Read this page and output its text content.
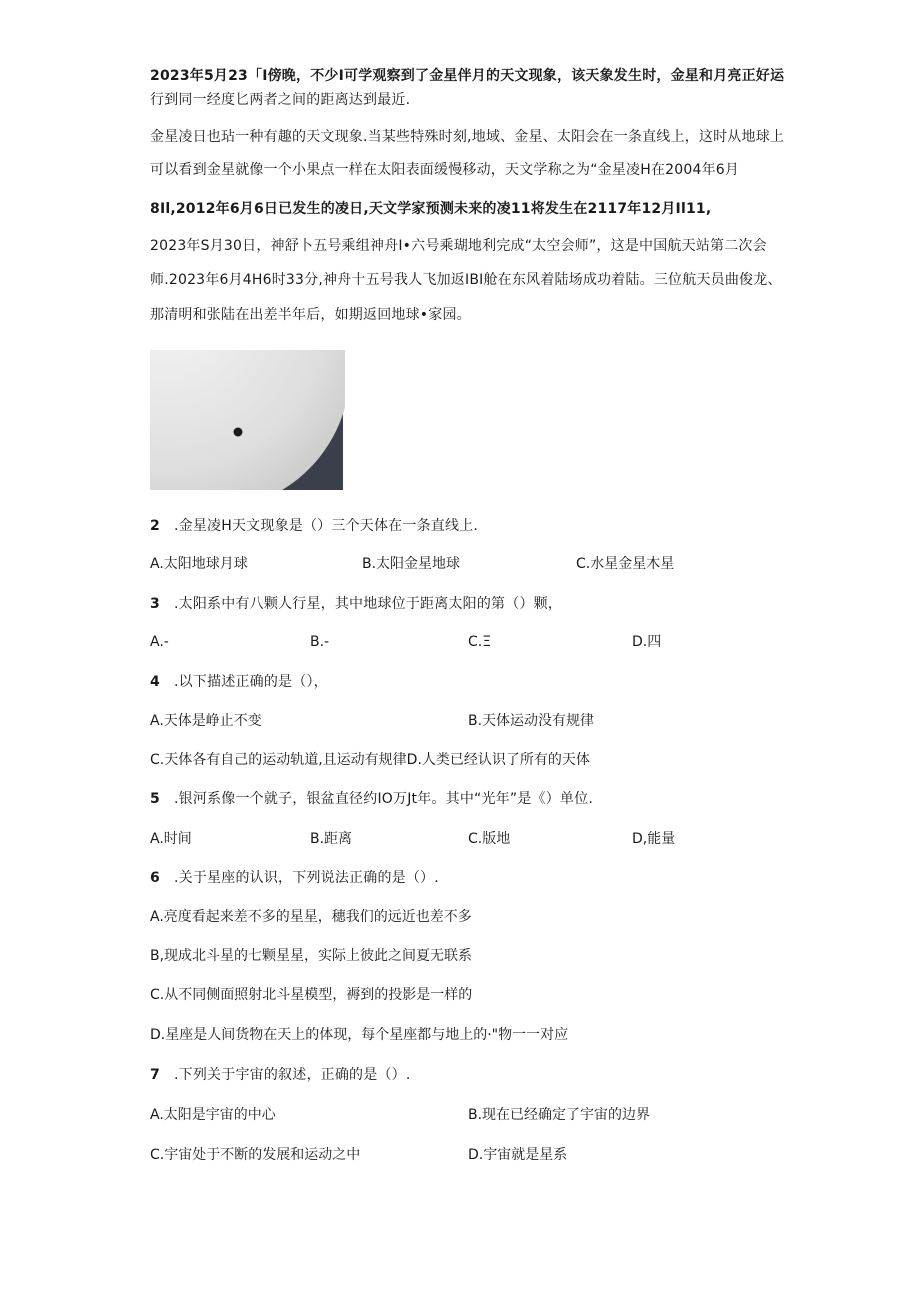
2023年5月23「I傍晚，不少I可学观察到了金星伴月的天文现象，该天象发生时，金星和月亮正好运
行到同一经度匕两者之间的距离达到最近.
金星凌日也玷一种有趣的天文现象.当某些特殊时刻,地域、金星、太阳会在一条直线上，这时从地球上
可以看到金星就像一个小果点一样在太阳表面缓慢移动，天文学称之为“金星凌H在2004年6月
8Il,2012年6月6日已发生的凌日,天文学家预测未来的凌11将发生在2117年12月Il11,
2023年S月30日，神舒卜五号乘组神舟I•六号乘瑚地利完成“太空会师”，这是中国航天站第二次会
师.2023年6月4H6时33分,神舟十五号我人飞加返IBI舱在东风着陆场成功着陆。三位航天员曲俊龙、
那清明和张陆在出差半年后，如期返回地球•家园。
2 .金星凌H天文现象是（）三个天体在一条直线上.
A.太阳地球月球	B.太阳金星地球	C.水星金星木星
3 .太阳系中有八颗人行星，其中地球位于距离太阳的第（）颗，
A.-	B.-	C.Ξ	D.四
4 .以下描述正确的是（），
A.天体是峥止不变	B.天体运动没有规律
C.天体各有自己的运动轨道,且运动有规律D.人类已经认识了所有的天体
5 .银河系像一个就子，银盆直径约IO万Jt年。其中“光年”是《）单位.
A.时间	B.距离	C.版地	D,能量
6 .关于星座的认识，下列说法正确的是（）.
A.亮度看起来差不多的星星，穗我们的远近也差不多
B,现成北斗星的七颗星星，实际上彼此之间夏无联系
C.从不同侧面照射北斗星模型，褥到的投影是一样的
D.星座是人间货物在天上的体现，每个星座都与地上的·"物一一对应
7 .下列关于宇宙的叙述，正确的是（）.
A.太阳是宇宙的中心	B.现在已经确定了宇宙的边界
C.宇宙处于不断的发展和运动之中	D.宇宙就是星系
